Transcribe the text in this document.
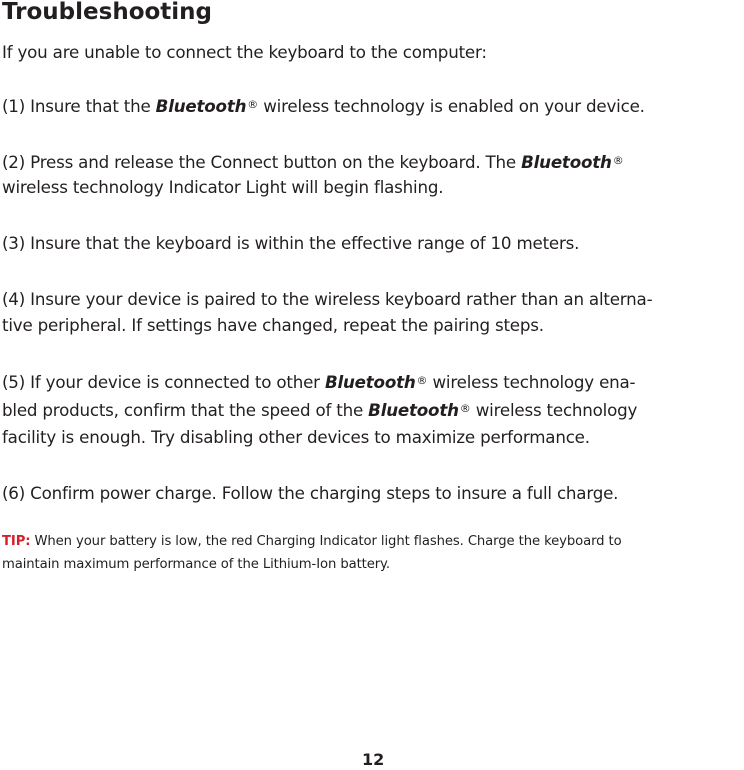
Troubleshooting
If you are unable to connect the keyboard to the computer:
(1) Insure that the Bluetooth® wireless technology is enabled on your device.
(2) Press and release the Connect button on the keyboard. The Bluetooth®
wireless technology Indicator Light will begin flashing.
(3) Insure that the keyboard is within the effective range of 10 meters.
(4) Insure your device is paired to the wireless keyboard rather than an alterna-
tive peripheral. If settings have changed, repeat the pairing steps.
(5) If your device is connected to other Bluetooth® wireless technology ena-
bled products, confirm that the speed of the Bluetooth® wireless technology
facility is enough. Try disabling other devices to maximize performance.
(6) Confirm power charge. Follow the charging steps to insure a full charge.
TIP: When your battery is low, the red Charging Indicator light flashes. Charge the keyboard to
maintain maximum performance of the Lithium-Ion battery.
12
